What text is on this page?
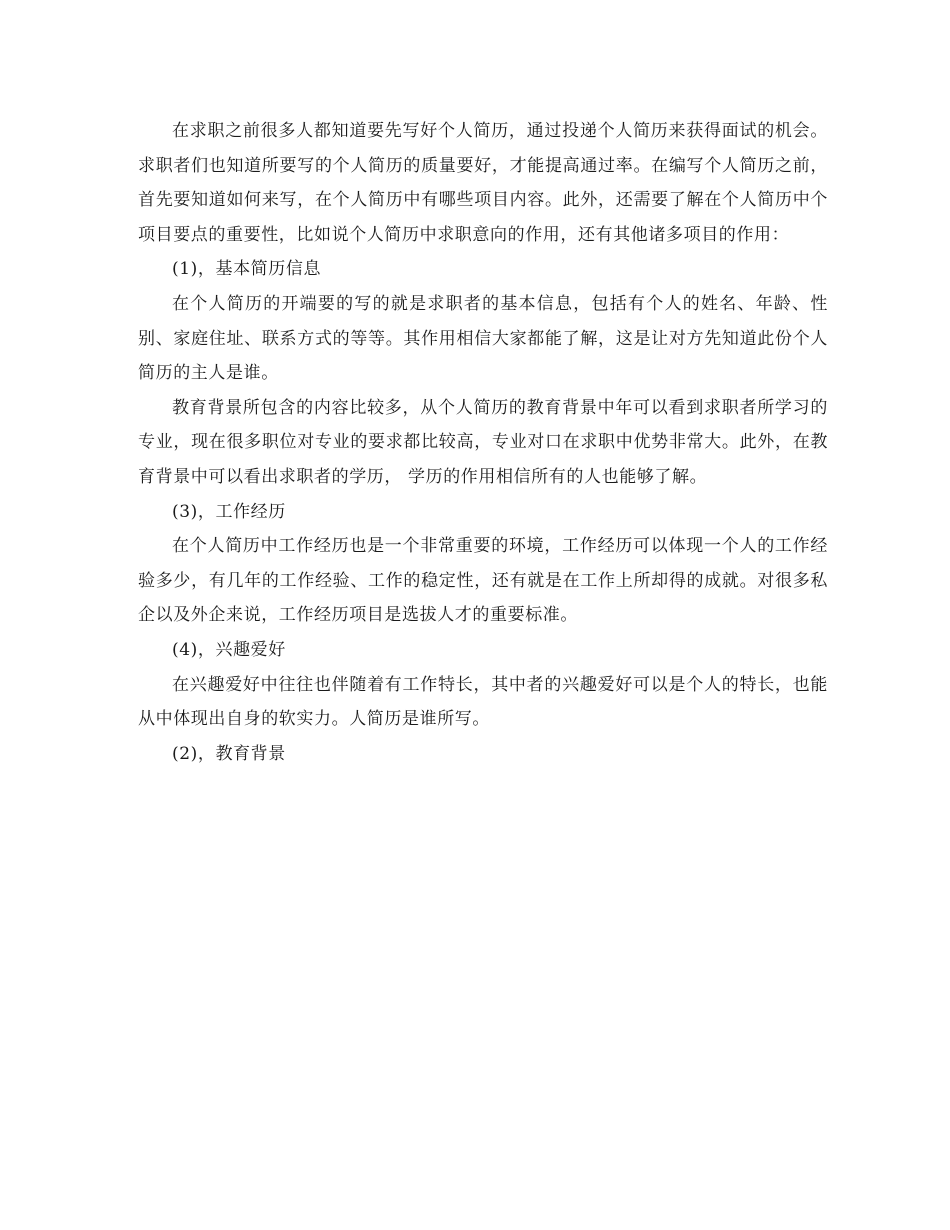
在求职之前很多人都知道要先写好个人简历，通过投递个人简历来获得面试的机会。求职者们也知道所要写的个人简历的质量要好，才能提高通过率。在编写个人简历之前，首先要知道如何来写，在个人简历中有哪些项目内容。此外，还需要了解在个人简历中个项目要点的重要性，比如说个人简历中求职意向的作用，还有其他诸多项目的作用：

(1)，基本简历信息

在个人简历的开端要的写的就是求职者的基本信息，包括有个人的姓名、年龄、性别、家庭住址、联系方式的等等。其作用相信大家都能了解，这是让对方先知道此份个人简历的主人是谁。

教育背景所包含的内容比较多，从个人简历的教育背景中年可以看到求职者所学习的专业，现在很多职位对专业的要求都比较高，专业对口在求职中优势非常大。此外，在教育背景中可以看出求职者的学历， 学历的作用相信所有的人也能够了解。

(3)，工作经历

在个人简历中工作经历也是一个非常重要的环境，工作经历可以体现一个人的工作经验多少，有几年的工作经验、工作的稳定性，还有就是在工作上所却得的成就。对很多私企以及外企来说，工作经历项目是选拔人才的重要标准。

(4)，兴趣爱好

在兴趣爱好中往往也伴随着有工作特长，其中者的兴趣爱好可以是个人的特长，也能从中体现出自身的软实力。人简历是谁所写。

(2)，教育背景
